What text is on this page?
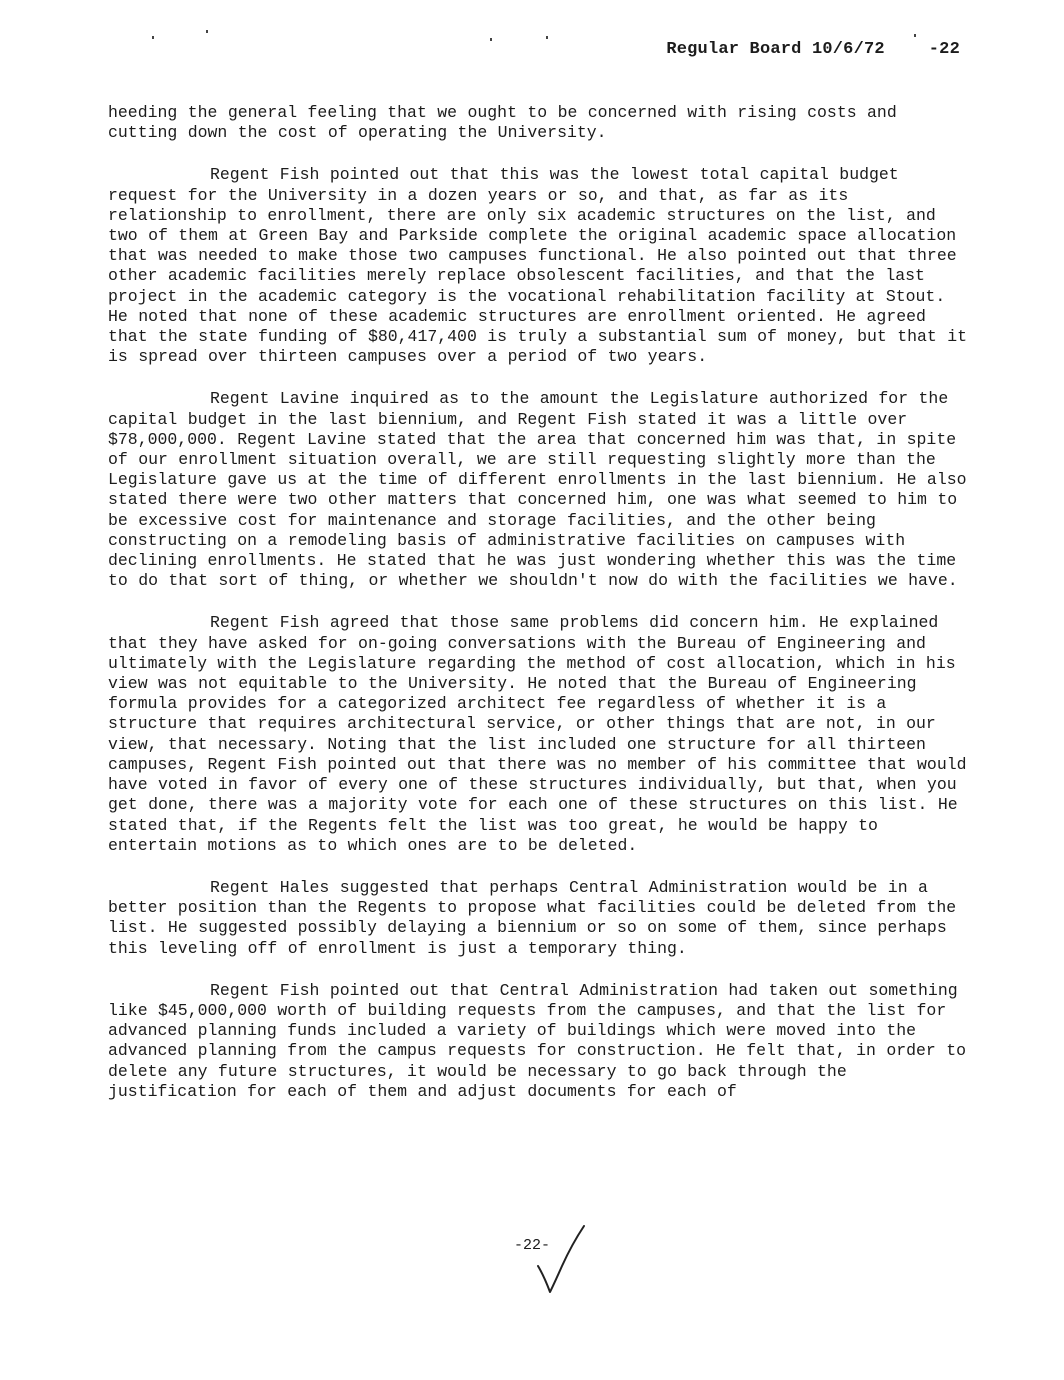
Regular Board 10/6/72	-22

heeding the general feeling that we ought to be concerned with rising costs and cutting down the cost of operating the University.

Regent Fish pointed out that this was the lowest total capital budget request for the University in a dozen years or so, and that, as far as its relationship to enrollment, there are only six academic structures on the list, and two of them at Green Bay and Parkside complete the original academic space allocation that was needed to make those two campuses functional. He also pointed out that three other academic facilities merely replace obsolescent facilities, and that the last project in the academic category is the vocational rehabilitation facility at Stout. He noted that none of these academic structures are enrollment oriented. He agreed that the state funding of $80,417,400 is truly a substantial sum of money, but that it is spread over thirteen campuses over a period of two years.

Regent Lavine inquired as to the amount the Legislature authorized for the capital budget in the last biennium, and Regent Fish stated it was a little over $78,000,000. Regent Lavine stated that the area that concerned him was that, in spite of our enrollment situation overall, we are still requesting slightly more than the Legislature gave us at the time of different enrollments in the last biennium. He also stated there were two other matters that concerned him, one was what seemed to him to be excessive cost for maintenance and storage facilities, and the other being constructing on a remodeling basis of administrative facilities on campuses with declining enrollments. He stated that he was just wondering whether this was the time to do that sort of thing, or whether we shouldn't now do with the facilities we have.

Regent Fish agreed that those same problems did concern him. He explained that they have asked for on-going conversations with the Bureau of Engineering and ultimately with the Legislature regarding the method of cost allocation, which in his view was not equitable to the University. He noted that the Bureau of Engineering formula provides for a categorized architect fee regardless of whether it is a structure that requires architectural service, or other things that are not, in our view, that necessary. Noting that the list included one structure for all thirteen campuses, Regent Fish pointed out that there was no member of his committee that would have voted in favor of every one of these structures individually, but that, when you get done, there was a majority vote for each one of these structures on this list. He stated that, if the Regents felt the list was too great, he would be happy to entertain motions as to which ones are to be deleted.

Regent Hales suggested that perhaps Central Administration would be in a better position than the Regents to propose what facilities could be deleted from the list. He suggested possibly delaying a biennium or so on some of them, since perhaps this leveling off of enrollment is just a temporary thing.

Regent Fish pointed out that Central Administration had taken out something like $45,000,000 worth of building requests from the campuses, and that the list for advanced planning funds included a variety of buildings which were moved into the advanced planning from the campus requests for construction. He felt that, in order to delete any future structures, it would be necessary to go back through the justification for each of them and adjust documents for each of

-22-
